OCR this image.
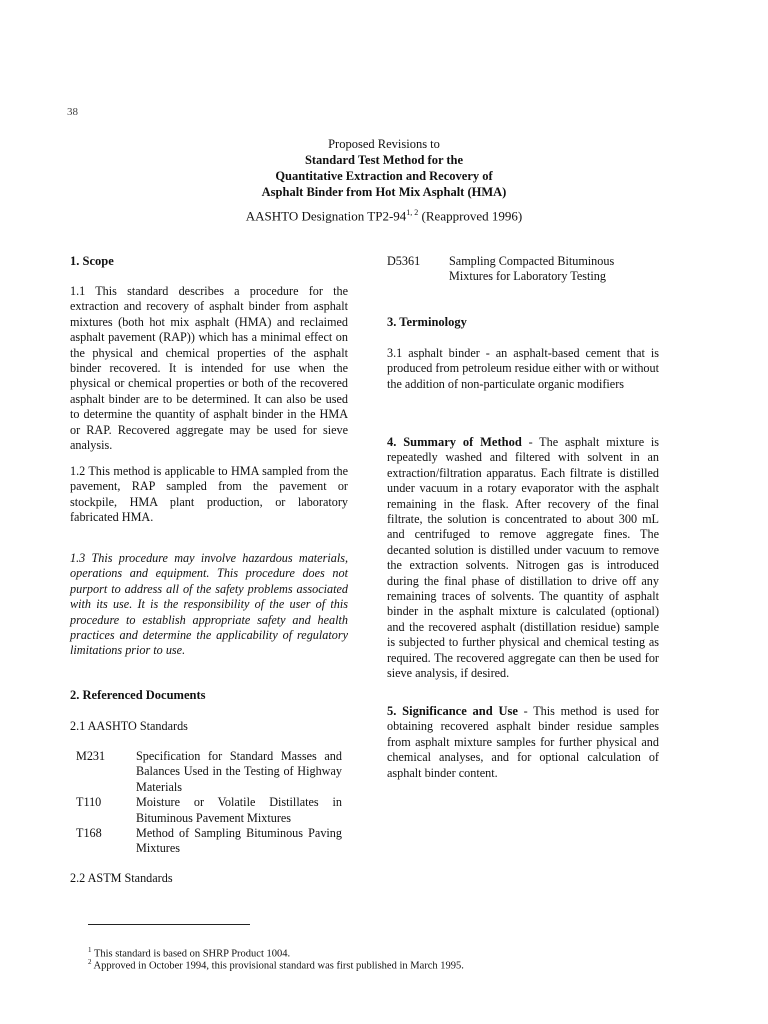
38
Proposed Revisions to
Standard Test Method for the
Quantitative Extraction and Recovery of
Asphalt Binder from Hot Mix Asphalt (HMA)
AASHTO Designation TP2-94$^{1, 2}$ (Reapproved 1996)
1. Scope
1.1 This standard describes a procedure for the extraction and recovery of asphalt binder from asphalt mixtures (both hot mix asphalt (HMA) and reclaimed asphalt pavement (RAP)) which has a minimal effect on the physical and chemical properties of the asphalt binder recovered. It is intended for use when the physical or chemical properties or both of the recovered asphalt binder are to be determined. It can also be used to determine the quantity of asphalt binder in the HMA or RAP. Recovered aggregate may be used for sieve analysis.
1.2 This method is applicable to HMA sampled from the pavement, RAP sampled from the pavement or stockpile, HMA plant production, or laboratory fabricated HMA.
1.3 This procedure may involve hazardous materials, operations and equipment. This procedure does not purport to address all of the safety problems associated with its use. It is the responsibility of the user of this procedure to establish appropriate safety and health practices and determine the applicability of regulatory limitations prior to use.
2. Referenced Documents
2.1 AASHTO Standards
M231	Specification for Standard Masses and Balances Used in the Testing of Highway Materials
T110	Moisture or Volatile Distillates in Bituminous Pavement Mixtures
T168	Method of Sampling Bituminous Paving Mixtures
2.2 ASTM Standards
D5361	Sampling Compacted Bituminous Mixtures for Laboratory Testing
3. Terminology
3.1 asphalt binder - an asphalt-based cement that is produced from petroleum residue either with or without the addition of non-particulate organic modifiers
4. Summary of Method - The asphalt mixture is repeatedly washed and filtered with solvent in an extraction/filtration apparatus. Each filtrate is distilled under vacuum in a rotary evaporator with the asphalt remaining in the flask. After recovery of the final filtrate, the solution is concentrated to about 300 mL and centrifuged to remove aggregate fines. The decanted solution is distilled under vacuum to remove the extraction solvents. Nitrogen gas is introduced during the final phase of distillation to drive off any remaining traces of solvents. The quantity of asphalt binder in the asphalt mixture is calculated (optional) and the recovered asphalt (distillation residue) sample is subjected to further physical and chemical testing as required. The recovered aggregate can then be used for sieve analysis, if desired.
5. Significance and Use - This method is used for obtaining recovered asphalt binder residue samples from asphalt mixture samples for further physical and chemical analyses, and for optional calculation of asphalt binder content.
$^1$ This standard is based on SHRP Product 1004.
$^2$ Approved in October 1994, this provisional standard was first published in March 1995.
